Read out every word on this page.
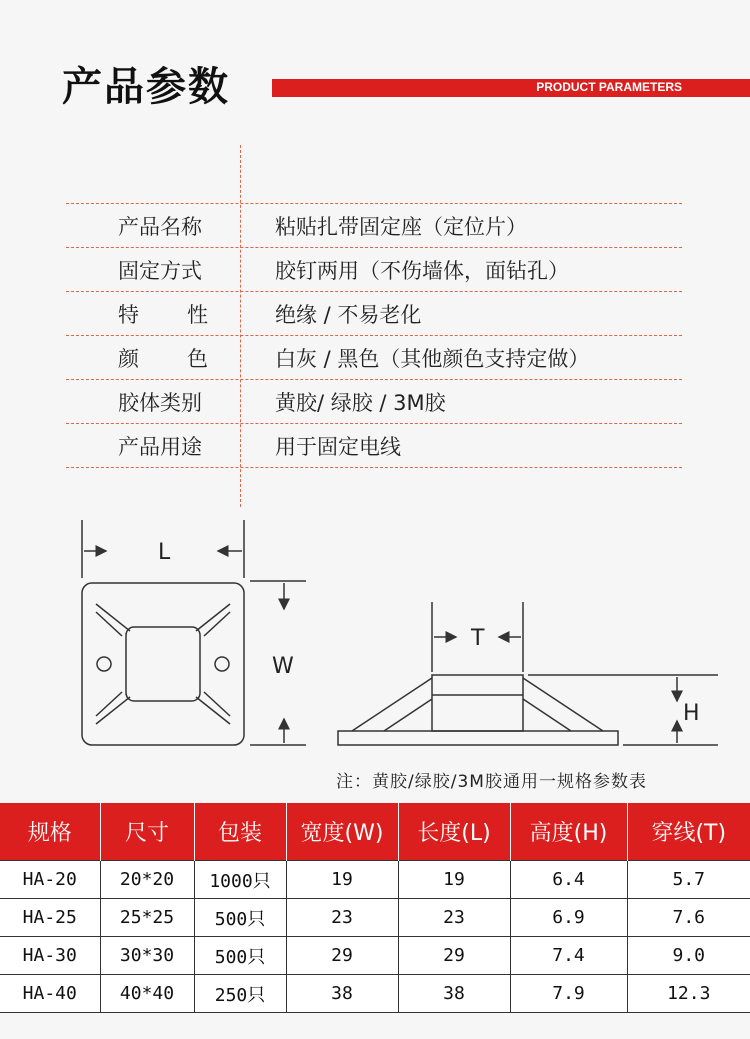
产品参数	PRODUCT PARAMETERS
产品名称	粘贴扎带固定座（定位片）
固定方式	胶钉两用（不伤墙体，面钻孔）
特性	绝缘 / 不易老化
颜色	白灰 / 黑色（其他颜色支持定做）
胶体类别	黄胶/ 绿胶 / 3M胶
产品用途	用于固定电线
L
W
T
H
注：黄胶/绿胶/3M胶通用一规格参数表
规格	尺寸	包装	宽度(W)	长度(L)	高度(H)	穿线(T)
HA-20	20*20	1000只	19	19	6.4	5.7
HA-25	25*25	500只	23	23	6.9	7.6
HA-30	30*30	500只	29	29	7.4	9.0
HA-40	40*40	250只	38	38	7.9	12.3
